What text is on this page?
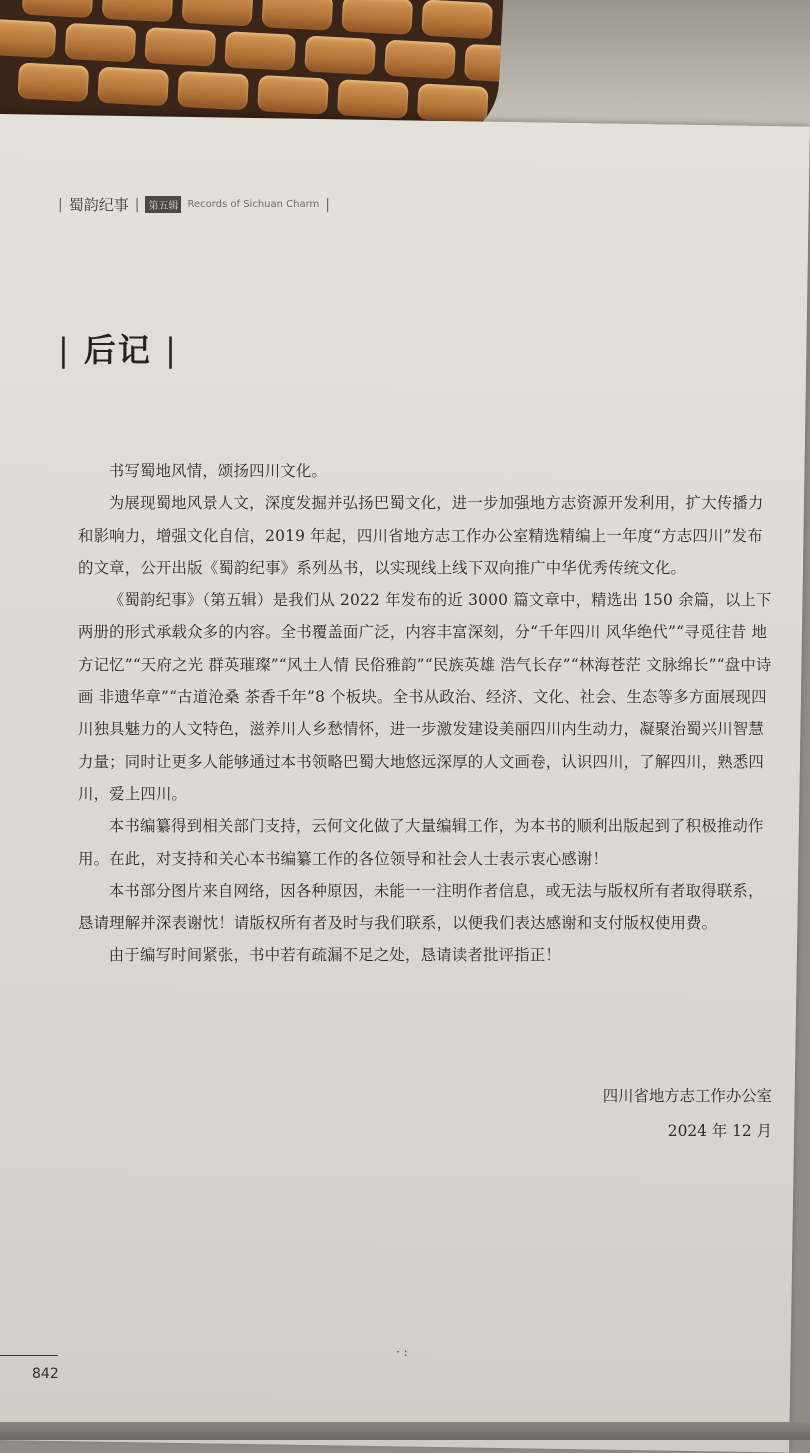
| 蜀韵纪事 | 第五辑 Records of Sichuan Charm |
| 后记 |

书写蜀地风情，颂扬四川文化。

为展现蜀地风景人文，深度发掘并弘扬巴蜀文化，进一步加强地方志资源开发利用，扩大传播力和影响力，增强文化自信，2019 年起，四川省地方志工作办公室精选精编上一年度“方志四川”发布的文章，公开出版《蜀韵纪事》系列丛书，以实现线上线下双向推广中华优秀传统文化。

《蜀韵纪事》（第五辑）是我们从 2022 年发布的近 3000 篇文章中，精选出 150 余篇，以上下两册的形式承载众多的内容。全书覆盖面广泛，内容丰富深刻，分“千年四川 风华绝代”“寻觅往昔 地方记忆”“天府之光 群英璀璨”“风土人情 民俗雅韵”“民族英雄 浩气长存”“林海苍茫 文脉绵长”“盘中诗画 非遗华章”“古道沧桑 茶香千年”8 个板块。全书从政治、经济、文化、社会、生态等多方面展现四川独具魅力的人文特色，滋养川人乡愁情怀，进一步激发建设美丽四川内生动力，凝聚治蜀兴川智慧力量；同时让更多人能够通过本书领略巴蜀大地悠远深厚的人文画卷，认识四川，了解四川，熟悉四川，爱上四川。

本书编纂得到相关部门支持，云何文化做了大量编辑工作，为本书的顺利出版起到了积极推动作用。在此，对支持和关心本书编纂工作的各位领导和社会人士表示衷心感谢！

本书部分图片来自网络，因各种原因，未能一一注明作者信息，或无法与版权所有者取得联系，恳请理解并深表谢忱！请版权所有者及时与我们联系，以便我们表达感谢和支付版权使用费。

由于编写时间紧张，书中若有疏漏不足之处，恳请读者批评指正！

四川省地方志工作办公室
2024 年 12 月
842
· :
